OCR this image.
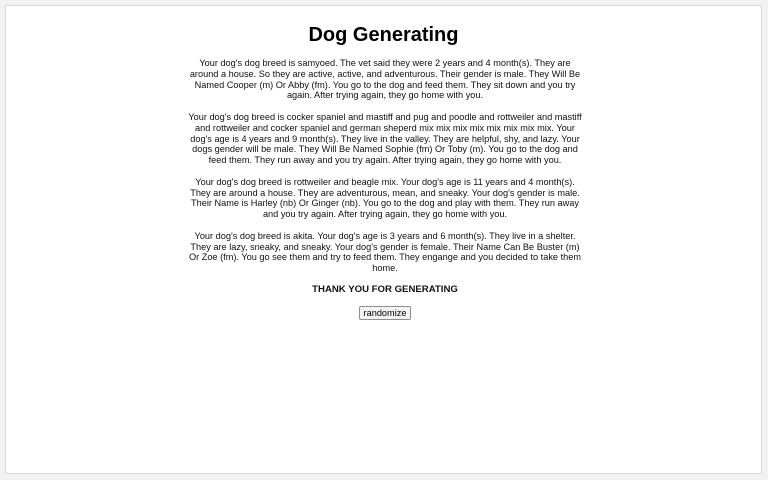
Dog Generating

Your dog's dog breed is samyoed. The vet said they were 2 years and 4 month(s). They are around a house. So they are active, active, and adventurous. Their gender is male. They Will Be Named Cooper (m) Or Abby (fm). You go to the dog and feed them. They sit down and you try again. After trying again, they go home with you.

Your dog's dog breed is cocker spaniel and mastiff and pug and poodle and rottweiler and mastiff and rottweiler and cocker spaniel and german sheperd mix mix mix mix mix mix mix mix. Your dog's age is 4 years and 9 month(s). They live in the valley. They are helpful, shy, and lazy. Your dogs gender will be male. They Will Be Named Sophie (fm) Or Toby (m). You go to the dog and feed them. They run away and you try again. After trying again, they go home with you.

Your dog's dog breed is rottweiler and beagle mix. Your dog's age is 11 years and 4 month(s). They are around a house. They are adventurous, mean, and sneaky. Your dog's gender is male. Their Name is Harley (nb) Or Ginger (nb). You go to the dog and play with them. They run away and you try again. After trying again, they go home with you.

Your dog's dog breed is akita. Your dog's age is 3 years and 6 month(s). They live in a shelter. They are lazy, sneaky, and sneaky. Your dog's gender is female. Their Name Can Be Buster (m) Or Zoe (fm). You go see them and try to feed them. They engange and you decided to take them home.

THANK YOU FOR GENERATING

randomize
